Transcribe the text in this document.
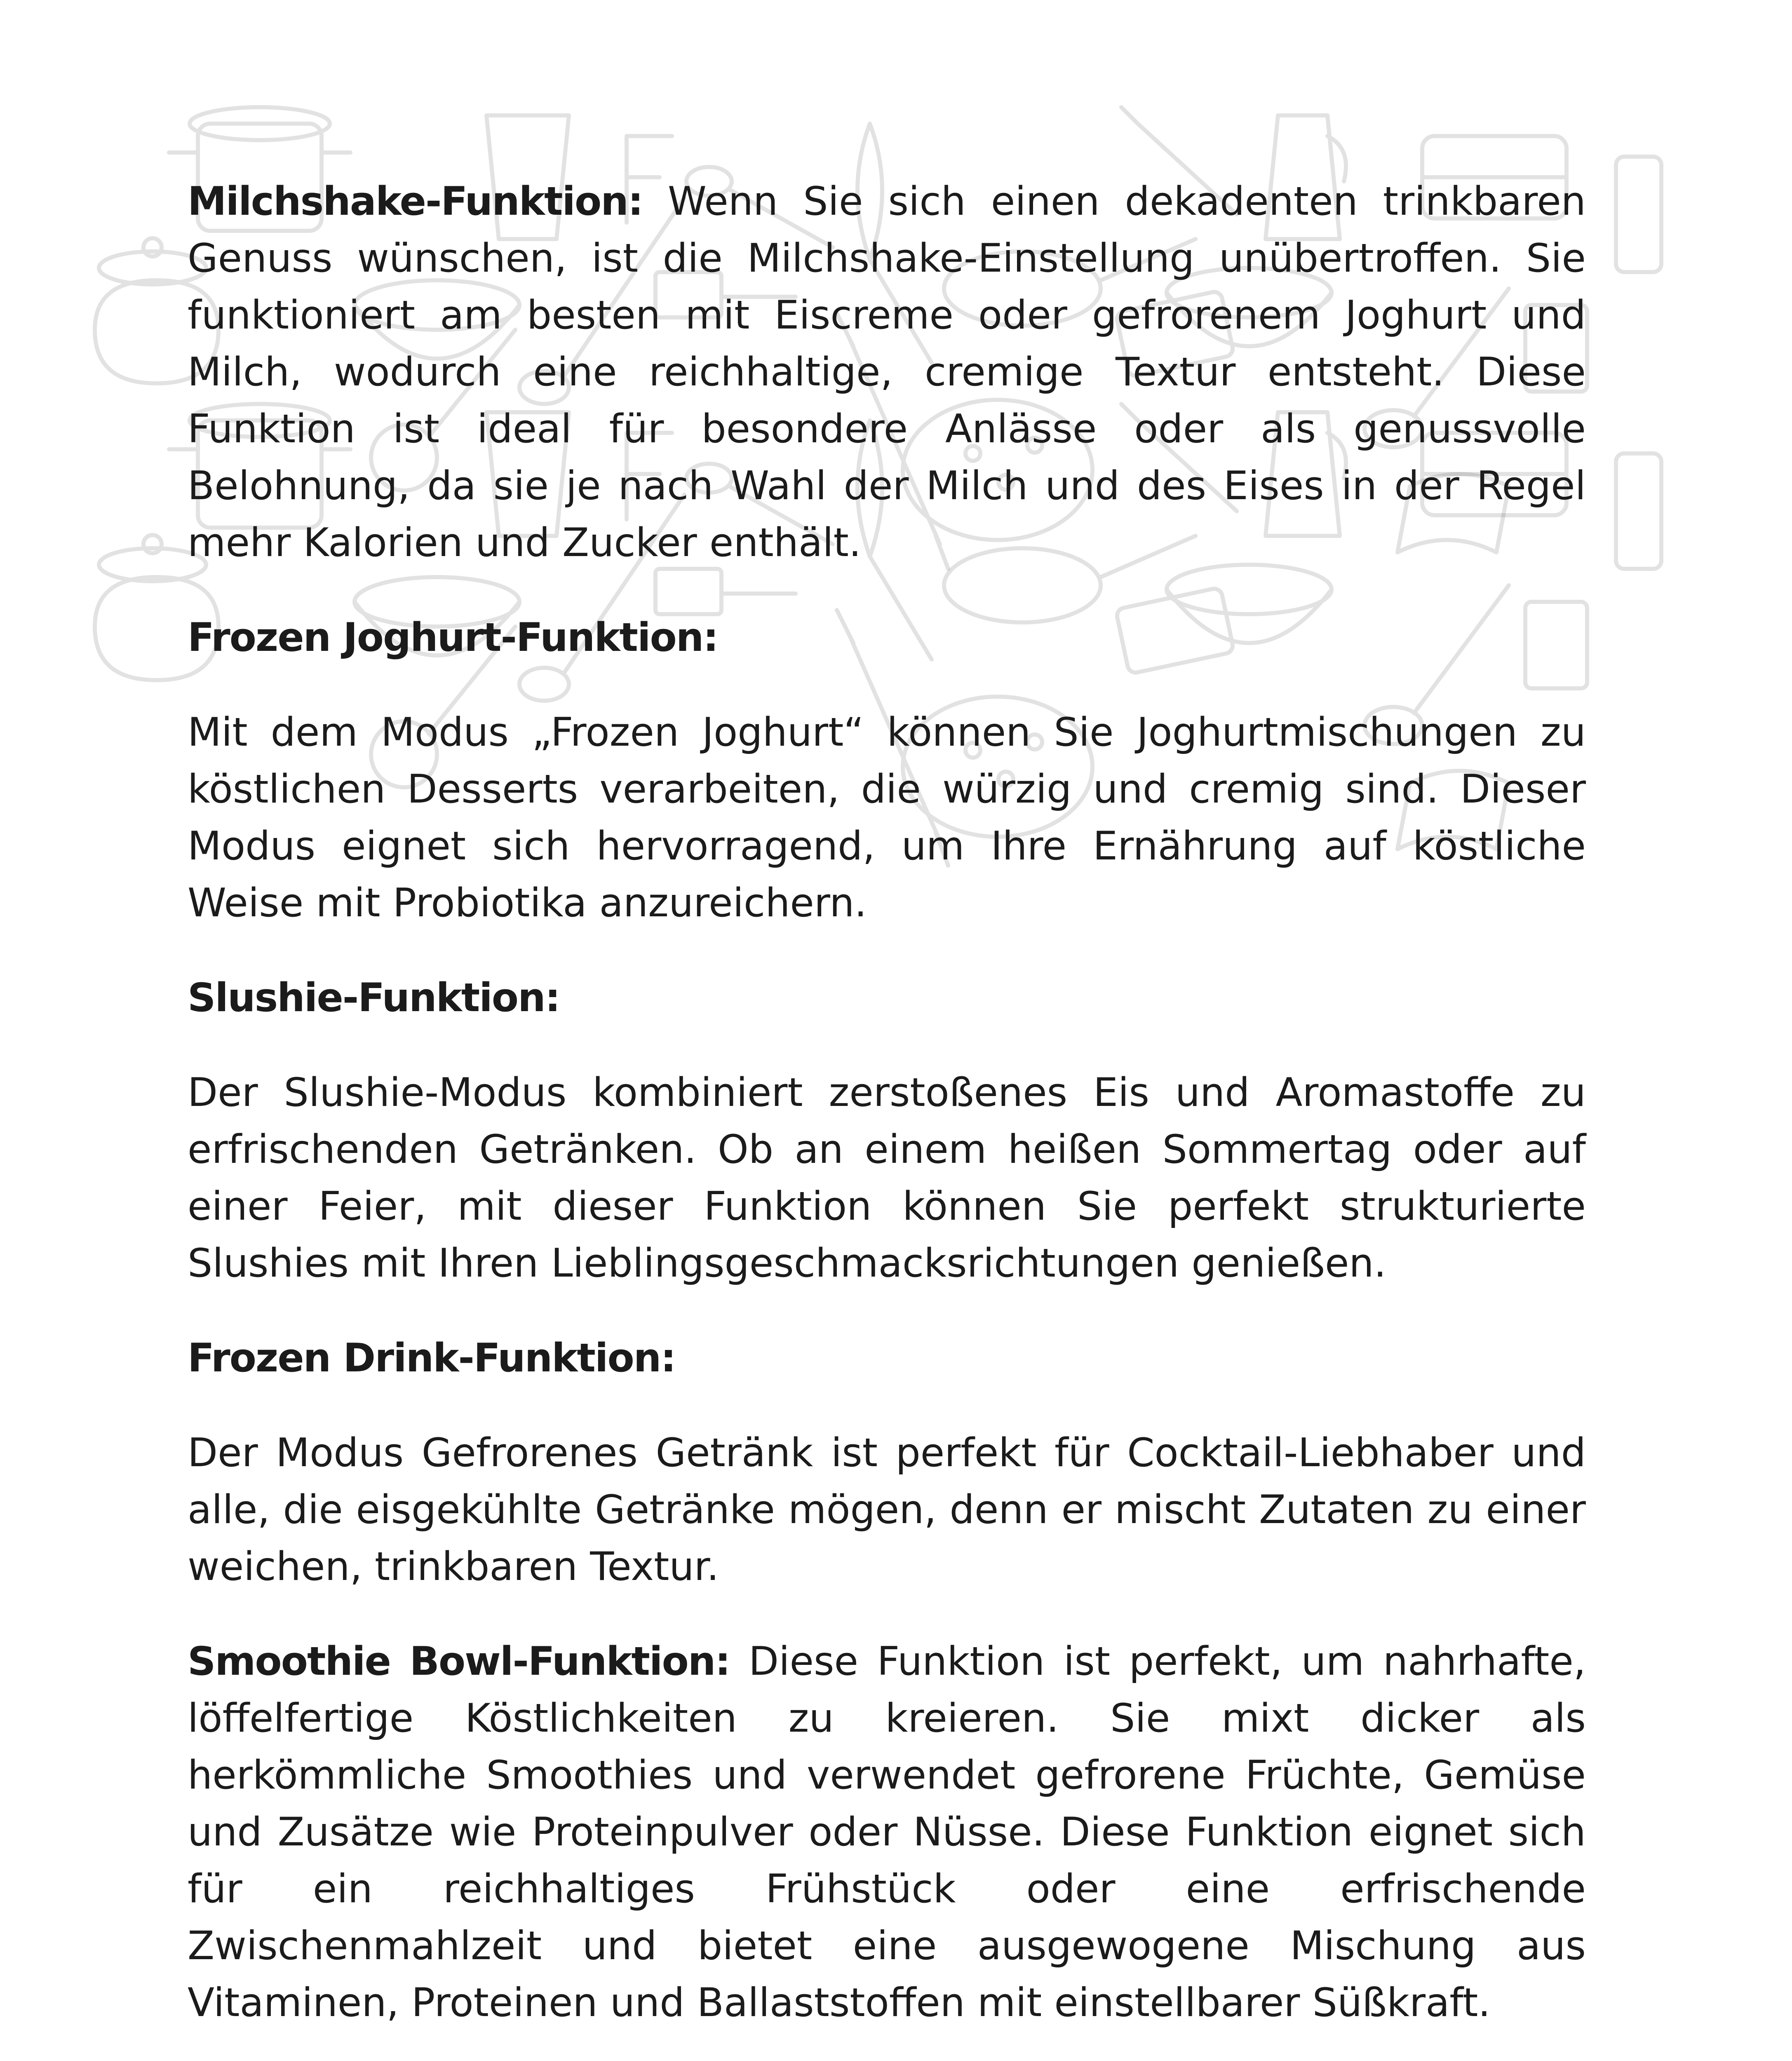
Milchshake-Funktion: Wenn Sie sich einen dekadenten trinkbaren Genuss wünschen, ist die Milchshake-Einstellung unübertroffen. Sie funktioniert am besten mit Eiscreme oder gefrorenem Joghurt und Milch, wodurch eine reichhaltige, cremige Textur entsteht. Diese Funktion ist ideal für besondere Anlässe oder als genussvolle Belohnung, da sie je nach Wahl der Milch und des Eises in der Regel mehr Kalorien und Zucker enthält.

Frozen Joghurt-Funktion:

Mit dem Modus „Frozen Joghurt“ können Sie Joghurtmischungen zu köstlichen Desserts verarbeiten, die würzig und cremig sind. Dieser Modus eignet sich hervorragend, um Ihre Ernährung auf köstliche Weise mit Probiotika anzureichern.

Slushie-Funktion:

Der Slushie-Modus kombiniert zerstoßenes Eis und Aromastoffe zu erfrischenden Getränken. Ob an einem heißen Sommertag oder auf einer Feier, mit dieser Funktion können Sie perfekt strukturierte Slushies mit Ihren Lieblingsgeschmacksrichtungen genießen.

Frozen Drink-Funktion:

Der Modus Gefrorenes Getränk ist perfekt für Cocktail-Liebhaber und alle, die eisgekühlte Getränke mögen, denn er mischt Zutaten zu einer weichen, trinkbaren Textur.

Smoothie Bowl-Funktion: Diese Funktion ist perfekt, um nahrhafte, löffelfertige Köstlichkeiten zu kreieren. Sie mixt dicker als herkömmliche Smoothies und verwendet gefrorene Früchte, Gemüse und Zusätze wie Proteinpulver oder Nüsse. Diese Funktion eignet sich für ein reichhaltiges Frühstück oder eine erfrischende Zwischenmahlzeit und bietet eine ausgewogene Mischung aus Vitaminen, Proteinen und Ballaststoffen mit einstellbarer Süßkraft.
